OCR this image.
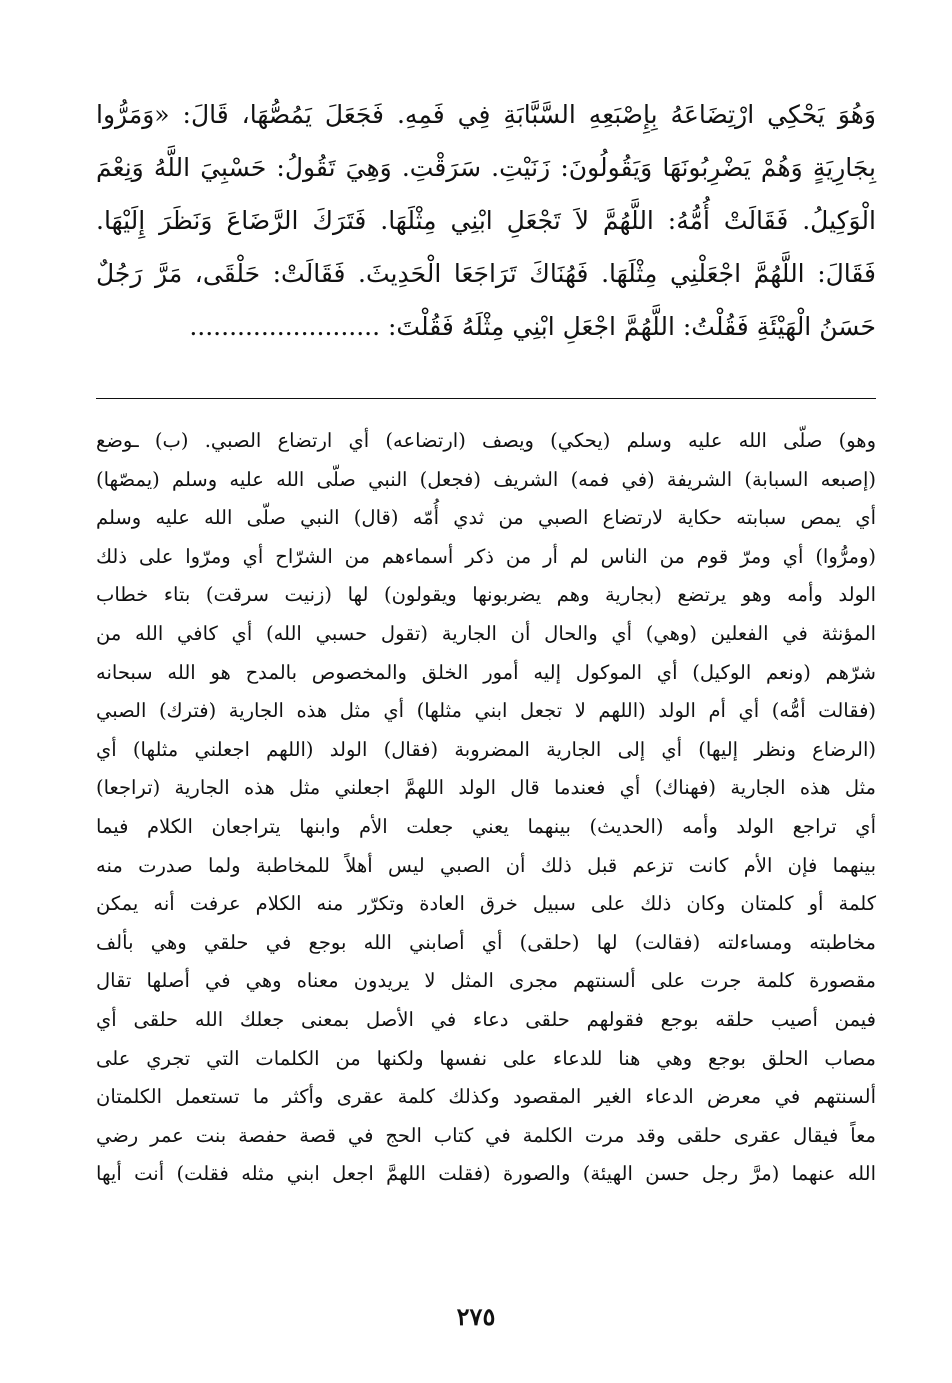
وَهُوَ يَحْكِي ارْتِضَاعَهُ بِإِصْبَعِهِ السَّبَّابَةِ فِي فَمِهِ. فَجَعَلَ يَمُصُّهَا، قَالَ: «وَمَرُّوا
بِجَارِيَةٍ وَهُمْ يَضْرِبُونَهَا وَيَقُولُونَ: زَنَيْتِ. سَرَقْتِ. وَهِيَ تَقُولُ: حَسْبِيَ اللَّهُ وَنِعْمَ
الْوَكِيلُ. فَقَالَتْ أُمُّهُ: اللَّهُمَّ لاَ تَجْعَلِ ابْنِي مِثْلَهَا. فَتَرَكَ الرَّضَاعَ وَنَظَرَ إِلَيْهَا.
فَقَالَ: اللَّهُمَّ اجْعَلْنِي مِثْلَهَا. فَهُنَاكَ تَرَاجَعَا الْحَدِيثَ. فَقَالَتْ: حَلْقَى، مَرَّ رَجُلٌ
حَسَنُ الْهَيْئَةِ فَقُلْتُ: اللَّهُمَّ اجْعَلِ ابْنِي مِثْلَهُ فَقُلْتَ: ........................
وهو) صلّى الله عليه وسلم (يحكي) ويصف (ارتضاعه) أي ارتضاع الصبي. (ب) ـوضع
(إصبعه السبابة) الشريفة (في فمه) الشريف (فجعل) النبي صلّى الله عليه وسلم (يمصّها)
أي يمص سبابته حكاية لارتضاع الصبي من ثدي أُمّه (قال) النبي صلّى الله عليه وسلم
(ومرُّوا) أي ومرّ قوم من الناس لم أر من ذكر أسماءهم من الشرّاح أي ومرّوا على ذلك
الولد وأمه وهو يرتضع (بجارية وهم يضربونها ويقولون) لها (زنيت سرقت) بتاء خطاب
المؤنثة في الفعلين (وهي) أي والحال أن الجارية (تقول حسبي الله) أي كافي الله من
شرّهم (ونعم الوكيل) أي الموكول إليه أمور الخلق والمخصوص بالمدح هو الله سبحانه
(فقالت أمُّه) أي أم الولد (اللهم لا تجعل ابني مثلها) أي مثل هذه الجارية (فترك) الصبي
(الرضاع ونظر إليها) أي إلى الجارية المضروبة (فقال) الولد (اللهم اجعلني مثلها) أي
مثل هذه الجارية (فهناك) أي فعندما قال الولد اللهمَّ اجعلني مثل هذه الجارية (تراجعا)
أي تراجع الولد وأمه (الحديث) بينهما يعني جعلت الأم وابنها يتراجعان الكلام فيما
بينهما فإن الأم كانت تزعم قبل ذلك أن الصبي ليس أهلاً للمخاطبة ولما صدرت منه
كلمة أو كلمتان وكان ذلك على سبيل خرق العادة وتكرّر منه الكلام عرفت أنه يمكن
مخاطبته ومساءلته (فقالت) لها (حلقى) أي أصابني الله بوجع في حلقي وهي بألف
مقصورة كلمة جرت على ألسنتهم مجرى المثل لا يريدون معناه وهي في أصلها تقال
فيمن أصيب حلقه بوجع فقولهم حلقى دعاء في الأصل بمعنى جعلك الله حلقى أي
مصاب الحلق بوجع وهي هنا للدعاء على نفسها ولكنها من الكلمات التي تجري على
ألسنتهم في معرض الدعاء الغير المقصود وكذلك كلمة عقرى وأكثر ما تستعمل الكلمتان
معاً فيقال عقرى حلقى وقد مرت الكلمة في كتاب الحج في قصة حفصة بنت عمر رضي
الله عنهما (مرَّ رجل حسن الهيئة) والصورة (فقلت اللهمَّ اجعل ابني مثله فقلت) أنت أيها
٢٧٥
